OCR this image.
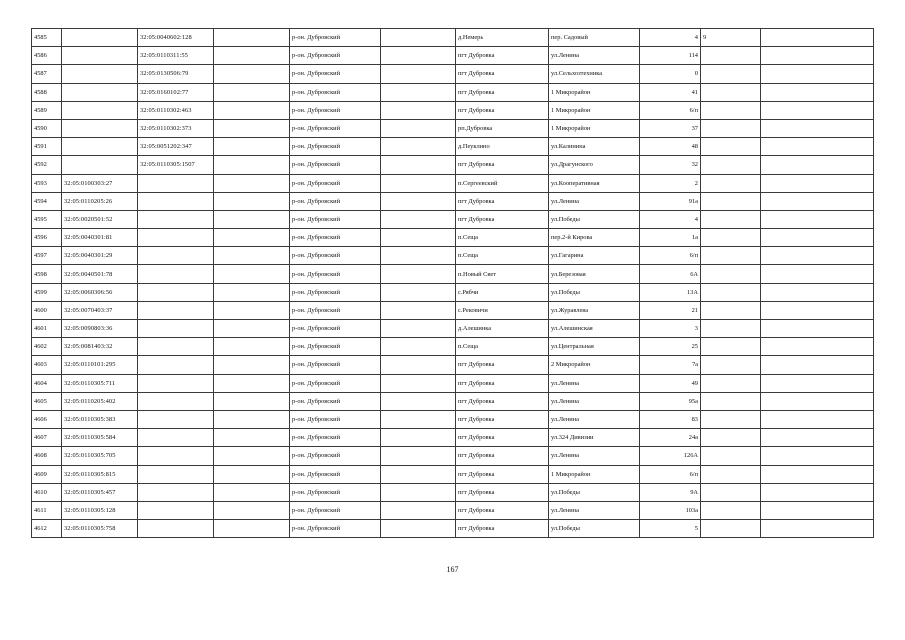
4585		32:05:0040602:128		р-он. Дубровский		д.Немерь	пер. Садовый	4	9	
4586		32:05:0110311:55		р-он. Дубровский		пгт Дубровка	ул.Ленина	114		
4587		32:05:0130506:79		р-он. Дубровский		пгт Дубровка	ул.Сельхозтехника	0		
4588		32:05:0160102:77		р-он. Дубровский		пгт Дубровка	1 Микрорайон	41		
4589		32:05:0110302:463		р-он. Дубровский		пгт Дубровка	1 Микрорайон	6/п		
4590		32:05:0110302:373		р-он. Дубровский		рп.Дубровка	1 Микрорайон	37		
4591		32:05:0051202:347		р-он. Дубровский		д.Пеуклино	ул.Калинина	48		
4592		32:05:0110305:1507		р-он. Дубровский		пгт Дубровка	ул.Драгунского	32		
4593	32:05:0100303:27			р-он. Дубровский		п.Сергеевский	ул.Кооперативная	2		
4594	32:05:0110205:26			р-он. Дубровский		пгт Дубровка	ул.Ленина	91а		
4595	32:05:0020501:52			р-он. Дубровский		пгт Дубровка	ул.Победы	4		
4596	32:05:0040301:81			р-он. Дубровский		п.Сеща	пер.2-й Кирова	1а		
4597	32:05:0040301:29			р-он. Дубровский		п.Сеща	ул.Гагарина	6/п		
4598	32:05:0040501:78			р-он. Дубровский		п.Новый Свет	ул.Березовая	6А		
4599	32:05:0060306:56			р-он. Дубровский		с.Рябчи	ул.Победы	13А		
4600	32:05:0070403:37			р-он. Дубровский		с.Рековичи	ул.Журавлева	21		
4601	32:05:0090803:36			р-он. Дубровский		д.Алешинка	ул.Алешинская	3		
4602	32:05:0081403:32			р-он. Дубровский		п.Сеща	ул.Центральная	25		
4603	32:05:0110101:295			р-он. Дубровский		пгт Дубровка	2 Микрорайон	7а		
4604	32:05:0110305:711			р-он. Дубровский		пгт Дубровка	ул.Ленина	49		
4605	32:05:0110205:402			р-он. Дубровский		пгт Дубровка	ул.Ленина	95а		
4606	32:05:0110305:383			р-он. Дубровский		пгт Дубровка	ул.Ленина	83		
4607	32:05:0110305:584			р-он. Дубровский		пгт Дубровка	ул.324 Дивизии	24а		
4608	32:05:0110305:705			р-он. Дубровский		пгт Дубровка	ул.Ленина	126А		
4609	32:05:0110305:815			р-он. Дубровский		пгт Дубровка	1 Микрорайон	6/п		
4610	32:05:0110305:457			р-он. Дубровский		пгт Дубровка	ул.Победы	9А		
4611	32:05:0110305:128			р-он. Дубровский		пгт Дубровка	ул.Ленина	103а		
4612	32:05:0110305:758			р-он. Дубровский		пгт Дубровка	ул.Победы	5		
167
